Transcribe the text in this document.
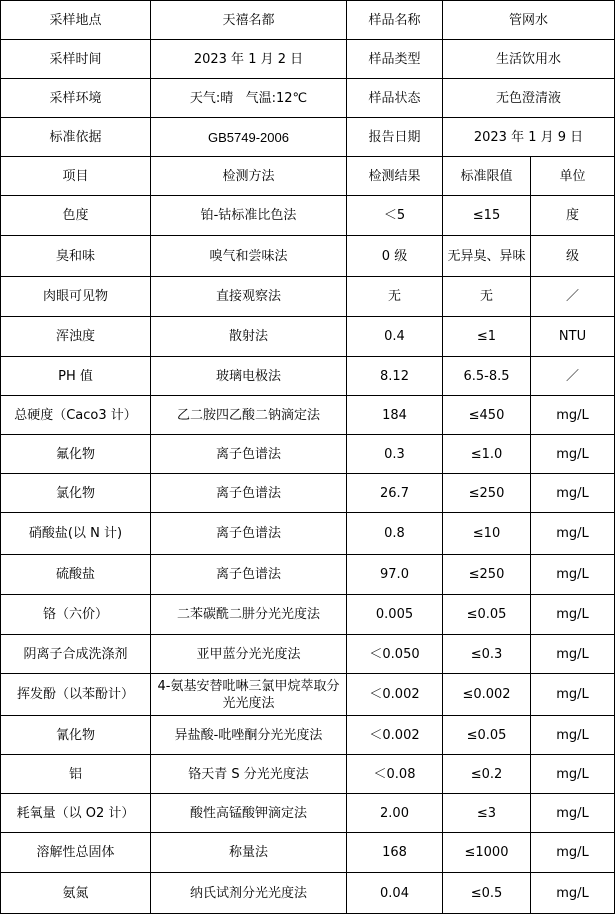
采样地点	天禧名都	样品名称	管网水	
采样时间	2023 年 1 月 2 日	样品类型	生活饮用水	
采样环境	天气:晴   气温:12℃	样品状态	无色澄清液	
标准依据	GB5749-2006	报告日期	2023 年 1 月 9 日	
项目	检测方法	检测结果	标准限值	单位
色度	铂-钴标准比色法	＜5	≤15	度
臭和味	嗅气和尝味法	0 级	无异臭、异味	级
肉眼可见物	直接观察法	无	无	／
浑浊度	散射法	0.4	≤1	NTU
PH 值	玻璃电极法	8.12	6.5-8.5	／
总硬度（Caco3 计）	乙二胺四乙酸二钠滴定法	184	≤450	mg/L
氟化物	离子色谱法	0.3	≤1.0	mg/L
氯化物	离子色谱法	26.7	≤250	mg/L
硝酸盐(以 N 计)	离子色谱法	0.8	≤10	mg/L
硫酸盐	离子色谱法	97.0	≤250	mg/L
铬（六价）	二苯碳酰二肼分光光度法	0.005	≤0.05	mg/L
阴离子合成洗涤剂	亚甲蓝分光光度法	＜0.050	≤0.3	mg/L
挥发酚（以苯酚计）	4-氨基安替吡啉三氯甲烷萃取分光光度法	＜0.002	≤0.002	mg/L
氰化物	异盐酸-吡唑酮分光光度法	＜0.002	≤0.05	mg/L
铝	铬天青 S 分光光度法	＜0.08	≤0.2	mg/L
耗氧量（以 O2 计）	酸性高锰酸钾滴定法	2.00	≤3	mg/L
溶解性总固体	称量法	168	≤1000	mg/L
氨氮	纳氏试剂分光光度法	0.04	≤0.5	mg/L
